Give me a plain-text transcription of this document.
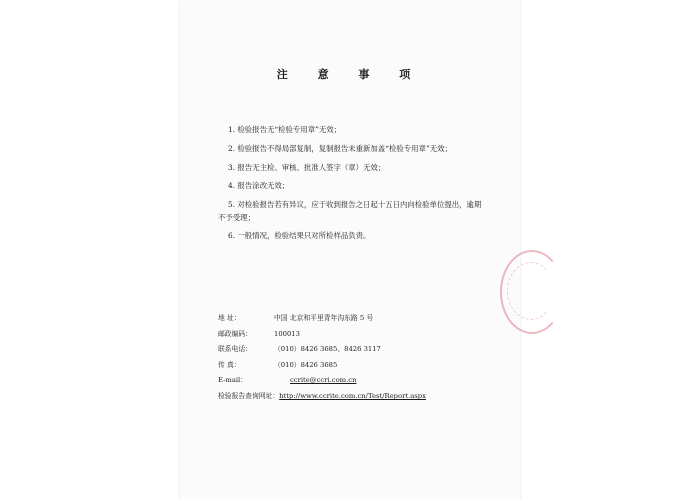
注 意 事 项
1. 检验报告无“检验专用章”无效；
2. 检验报告不得局部复制，复制报告未重新加盖“检验专用章”无效；
3. 报告无主检、审核、批准人签字（章）无效；
4. 报告涂改无效；
5. 对检验报告若有异议，应于收到报告之日起十五日内向检验单位提出，逾期不予受理；
6. 一般情况，检验结果只对所检样品负责。
地 址：	中国 北京和平里青年沟东路 5 号
邮政编码：	100013
联系电话：	（010）8426 3685、8426 3117
传 真：	（010）8426 3685
E-mail：	ccrite@ccri.com.cn
检验报告查询网址： http://www.ccrite.com.cn/Test/Report.aspx
